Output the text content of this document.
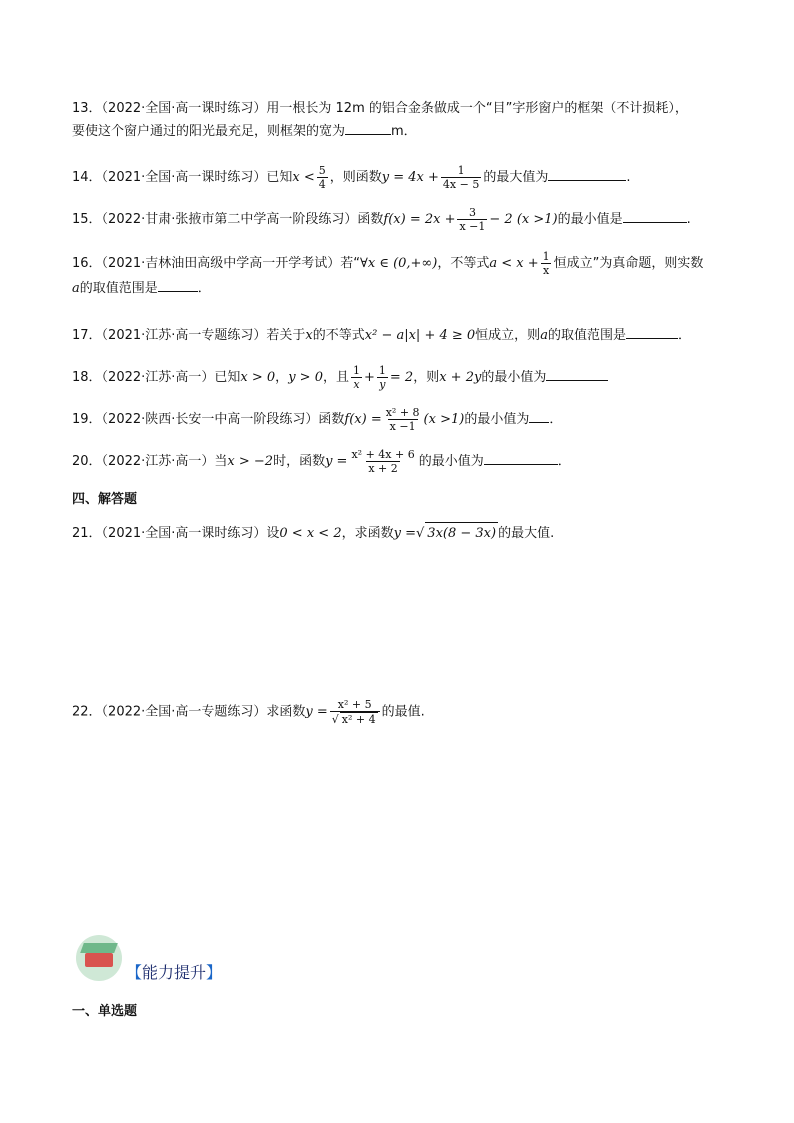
13．（2022·全国·高一课时练习）用一根长为 12m 的铝合金条做成一个“目”字形窗户的框架（不计损耗），
要使这个窗户通过的阳光最充足，则框架的宽为	m．
14．（2021·全国·高一课时练习）已知$x < \frac{5}{4}$ ，则函数$y = 4x + \frac{1}{4x - 5}$ 的最大值为	.
15．（2022·甘肃·张掖市第二中学高一阶段练习）函数$f(x) = 2x + \frac{3}{x -1} - 2$ (x >1)的最小值是	.
16．（2021·吉林油田高级中学高一开学考试）若“∀x ∈ (0,+∞)，不等式$a < x + \frac{1}{x}$ 恒成立”为真命题，则实数
a的取值范围是	．
17．（2021·江苏·高一专题练习）若关于x的不等式x² − a|x| + 4 ≥ 0恒成立，则a的取值范围是	．
18．（2022·江苏·高一）已知x > 0，y > 0，且 $\frac{1}{x} + \frac{1}{y} = 2$，则x + 2y的最小值为
19．（2022·陕西·长安一中高一阶段练习）函数$f(x) = \frac{\text{x² + 8}}{x -1} (x >1)$的最小值为 ．
20．（2022·江苏·高一）当x > −2时，函数$y = \frac{\text{x² + 4x + 6}}{x + 2}$ 的最小值为	．
四、解答题
21．（2021·全国·高一课时练习）设0 < x < 2，求函数y =√ 3x(8 − 3x) 的最大值.
22．（2022·全国·高一专题练习）求函数$y = \frac{\text{x² + 5}}{\text{√ x² + 4}}$ 的最值.
【能力提升】
一、单选题
